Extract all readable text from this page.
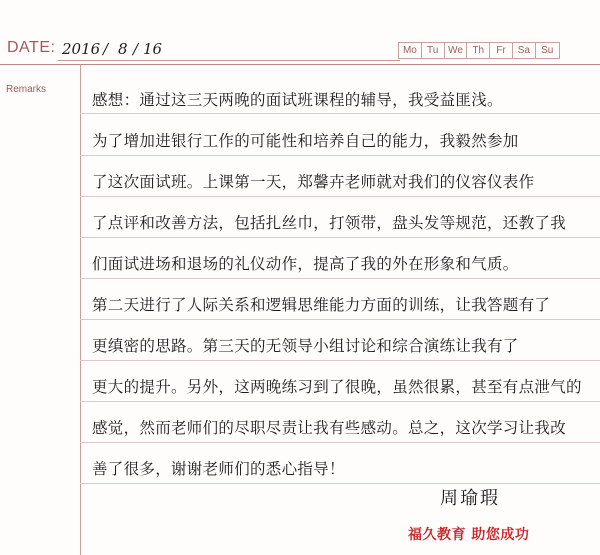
DATE: 2016 / 8 / 16	Mo	Tu We Th	Fr	Sa	Su
Remarks
感想：通过这三天两晚的面试班课程的辅导，我受益匪浅。
为了增加进银行工作的可能性和培养自己的能力，我毅然参加
了这次面试班。上课第一天，郑馨卉老师就对我们的仪容仪表作
了点评和改善方法，包括扎丝巾，打领带，盘头发等规范，还教了我
们面试进场和退场的礼仪动作，提高了我的外在形象和气质。
第二天进行了人际关系和逻辑思维能力方面的训练，让我答题有了
更缜密的思路。第三天的无领导小组讨论和综合演练让我有了
更大的提升。另外，这两晚练习到了很晚，虽然很累，甚至有点泄气的
感觉，然而老师们的尽职尽责让我有些感动。总之，这次学习让我改
善了很多，谢谢老师们的悉心指导！
周瑜瑕
福久教育 助您成功
